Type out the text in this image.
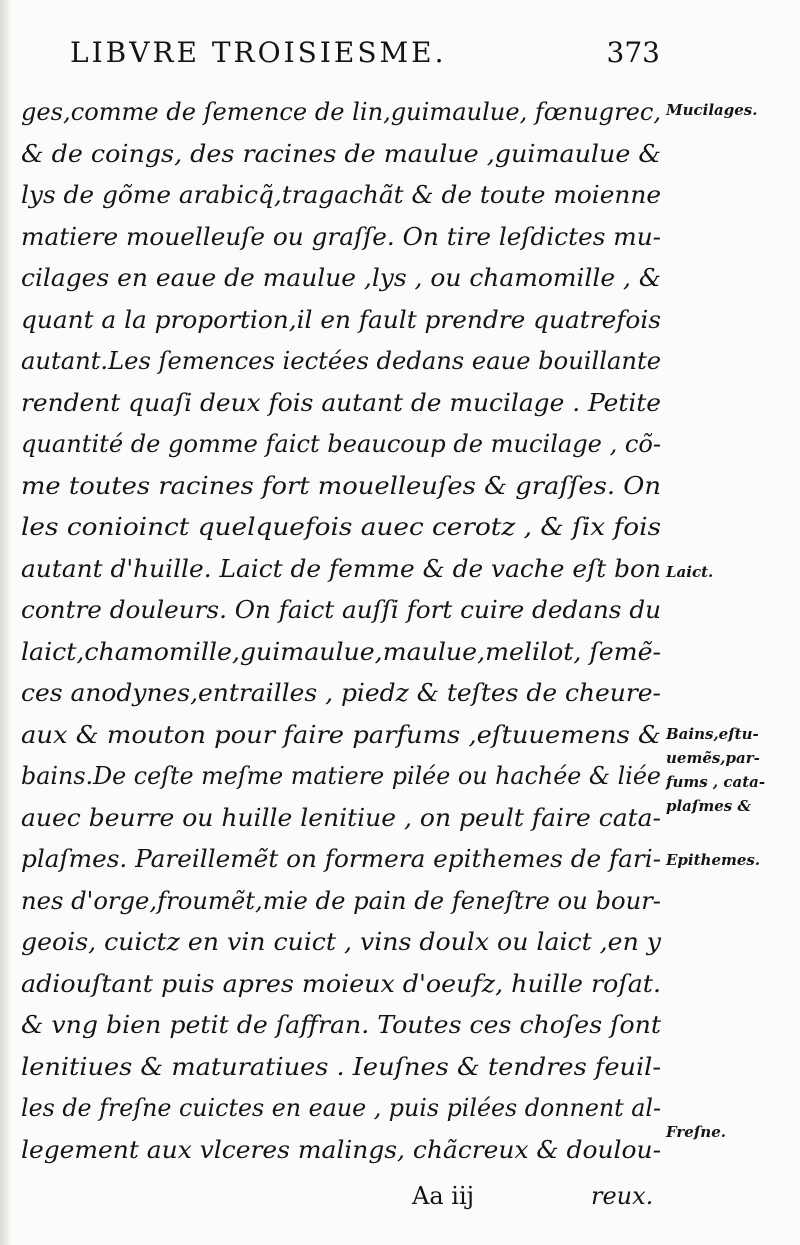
LIBVRE TROISIESME.	373
ges,comme de ſemence de lin,guimaulue, fœnugrec,
& de coings, des racines de maulue ,guimaulue &
lys de gõme arabicq̃,tragachãt & de toute moienne
matiere mouelleuſe ou graſſe. On tire leſdictes mu-
cilages en eaue de maulue ,lys , ou chamomille , &
quant a la proportion,il en fault prendre quatrefois
autant.Les ſemences iectées dedans eaue bouillante
rendent quaſi deux fois autant de mucilage . Petite
quantité de gomme faict beaucoup de mucilage , cõ-
me toutes racines fort mouelleuſes & graſſes. On
les conioinct quelquefois auec cerotz , & ſix fois
autant d'huille. Laict de femme & de vache eſt bon
contre douleurs. On faict auſſi fort cuire dedans du
laict,chamomille,guimaulue,maulue,melilot, ſemẽ-
ces anodynes,entrailles , piedz & teſtes de cheure-
aux & mouton pour faire parfums ,eſtuuemens &
bains.De ceſte meſme matiere pilée ou hachée & liée
auec beurre ou huille lenitiue , on peult faire cata-
plaſmes. Pareillemẽt on formera epithemes de fari-
nes d'orge,froumẽt,mie de pain de feneſtre ou bour-
geois, cuictz en vin cuict , vins doulx ou laict ,en y
adiouſtant puis apres moieux d'oeufz, huille roſat.
& vng bien petit de ſaffran. Toutes ces choſes ſont
lenitiues & maturatiues . Ieuſnes & tendres feuil-
les de freſne cuictes en eaue , puis pilées donnent al-
legement aux vlceres malings, chãcreux & doulou-
Mucilages.
Laict.
Bains,eſtu-
uemẽs,par-
fums , cata-
plaſmes &
Epithemes.
Freſne.
Aa iij	reux.
